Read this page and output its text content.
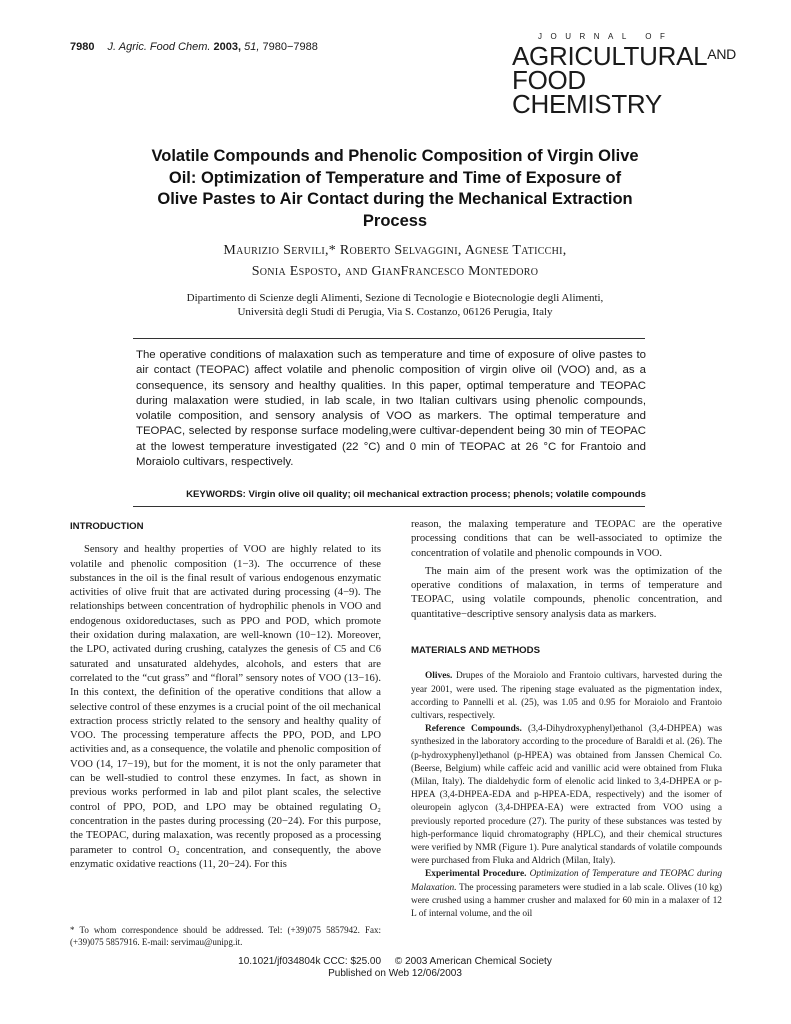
7980 J. Agric. Food Chem. 2003, 51, 7980−7988
JOURNAL OF
$AGRICULTURAL^{AND}$
FOOD CHEMISTRY
Volatile Compounds and Phenolic Composition of Virgin Olive Oil: Optimization of Temperature and Time of Exposure of Olive Pastes to Air Contact during the Mechanical Extraction Process
Maurizio Servili,* Roberto Selvaggini, Agnese Taticchi,
Sonia Esposto, and GianFrancesco Montedoro
Dipartimento di Scienze degli Alimenti, Sezione di Tecnologie e Biotecnologie degli Alimenti,
Università degli Studi di Perugia, Via S. Costanzo, 06126 Perugia, Italy
The operative conditions of malaxation such as temperature and time of exposure of olive pastes to air contact (TEOPAC) affect volatile and phenolic composition of virgin olive oil (VOO) and, as a consequence, its sensory and healthy qualities. In this paper, optimal temperature and TEOPAC during malaxation were studied, in lab scale, in two Italian cultivars using phenolic compounds, volatile composition, and sensory analysis of VOO as markers. The optimal temperature and TEOPAC, selected by response surface modeling,were cultivar-dependent being 30 min of TEOPAC at the lowest temperature investigated (22 °C) and 0 min of TEOPAC at 26 °C for Frantoio and Moraiolo cultivars, respectively.
KEYWORDS: Virgin olive oil quality; oil mechanical extraction process; phenols; volatile compounds
INTRODUCTION

Sensory and healthy properties of VOO are highly related to its volatile and phenolic composition (1−3). The occurrence of these substances in the oil is the final result of various endogenous enzymatic activities of olive fruit that are activated during processing (4−9). The relationships between concentration of hydrophilic phenols in VOO and endogenous oxidoreductases, such as PPO and POD, which promote their oxidation during malaxation, are well-known (10−12). Moreover, the LPO, activated during crushing, catalyzes the genesis of C5 and C6 saturated and unsaturated aldehydes, alcohols, and esters that are correlated to the “cut grass” and “floral” sensory notes of VOO (13−16). In this context, the definition of the operative conditions that allow a selective control of these enzymes is a crucial point of the oil mechanical extraction process strictly related to the sensory and healthy quality of VOO. The processing temperature affects the PPO, POD, and LPO activities and, as a consequence, the volatile and phenolic composition of VOO (14, 17−19), but for the moment, it is not the only parameter that can be well-studied to control these enzymes. In fact, as shown in previous works performed in lab and pilot plant scales, the selective control of PPO, POD, and LPO may be obtained regulating O₂ concentration in the pastes during processing (20−24). For this purpose, the TEOPAC, during malaxation, was recently proposed as a processing parameter to control O₂ concentration, and consequently, the above enzymatic oxidative reactions (11, 20−24). For this

reason, the malaxing temperature and TEOPAC are the operative processing conditions that can be well-associated to optimize the concentration of volatile and phenolic compounds in VOO.

The main aim of the present work was the optimization of the operative conditions of malaxation, in terms of temperature and TEOPAC, using volatile compounds, phenolic concentration, and quantitative−descriptive sensory analysis data as markers.

MATERIALS AND METHODS

Olives. Drupes of the Moraiolo and Frantoio cultivars, harvested during the year 2001, were used. The ripening stage evaluated as the pigmentation index, according to Pannelli et al. (25), was 1.05 and 0.95 for Moraiolo and Frantoio cultivars, respectively.

Reference Compounds. (3,4-Dihydroxyphenyl)ethanol (3,4-DHPEA) was synthesized in the laboratory according to the procedure of Baraldi et al. (26). The (p-hydroxyphenyl)ethanol (p-HPEA) was obtained from Janssen Chemical Co. (Beerse, Belgium) while caffeic acid and vanillic acid were obtained from Fluka (Milan, Italy). The dialdehydic form of elenolic acid linked to 3,4-DHPEA or p-HPEA (3,4-DHPEA-EDA and p-HPEA-EDA, respectively) and the isomer of oleuropein aglycon (3,4-DHPEA-EA) were extracted from VOO using a previously reported procedure (27). The purity of these substances was tested by high-performance liquid chromatography (HPLC), and their chemical structures were verified by NMR (Figure 1). Pure analytical standards of volatile compounds were purchased from Fluka and Aldrich (Milan, Italy).

Experimental Procedure. Optimization of Temperature and TEOPAC during Malaxation. The processing parameters were studied in a lab scale. Olives (10 kg) were crushed using a hammer crusher and malaxed for 60 min in a malaxer of 12 L of internal volume, and the oil

* To whom correspondence should be addressed. Tel: (+39)075 5857942. Fax: (+39)075 5857916. E-mail: servimau@unipg.it.
10.1021/jf034804k CCC: $25.00     © 2003 American Chemical Society
Published on Web 12/06/2003
